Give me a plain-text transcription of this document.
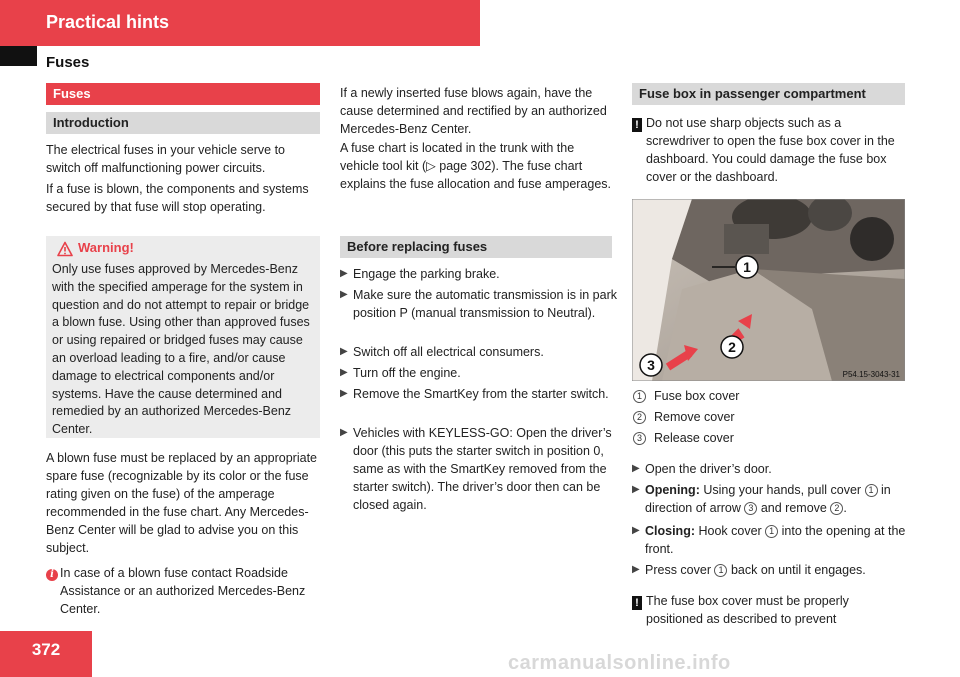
Practical hints
Fuses
Fuses
Introduction

The electrical fuses in your vehicle serve to switch off malfunctioning power circuits.

If a fuse is blown, the components and systems secured by that fuse will stop operating.

Warning!

Only use fuses approved by Mercedes-Benz with the specified amperage for the system in question and do not attempt to repair or bridge a blown fuse. Using other than approved fuses or using repaired or bridged fuses may cause an overload leading to a fire, and/or cause damage to electrical components and/or systems. Have the cause determined and remedied by an authorized Mercedes-Benz Center.

A blown fuse must be replaced by an appropriate spare fuse (recognizable by its color or the fuse rating given on the fuse) of the amperage recommended in the fuse chart. Any Mercedes-Benz Center will be glad to advise you on this subject.

i In case of a blown fuse contact Roadside Assistance or an authorized Mercedes-Benz Center.

If a newly inserted fuse blows again, have the cause determined and rectified by an authorized Mercedes-Benz Center.

A fuse chart is located in the trunk with the vehicle tool kit (▷ page 302). The fuse chart explains the fuse allocation and fuse amperages.

Before replacing fuses
▶ Engage the parking brake.
▶ Make sure the automatic transmission is in park position P (manual transmission to Neutral).
▶ Switch off all electrical consumers.
▶ Turn off the engine.
▶ Remove the SmartKey from the starter switch.
▶ Vehicles with KEYLESS-GO: Open the driver’s door (this puts the starter switch in position 0, same as with the SmartKey removed from the starter switch). The driver’s door then can be closed again.
Fuse box in passenger compartment
! Do not use sharp objects such as a screwdriver to open the fuse box cover in the dashboard. You could damage the fuse box cover or the dashboard.
1
2
3
P54.15-3043-31
1 Fuse box cover
2 Remove cover
3 Release cover
▶ Open the driver’s door.
▶ Opening: Using your hands, pull cover 1 in direction of arrow 3 and remove 2 .
▶ Closing: Hook cover 1 into the opening at the front.
▶ Press cover 1 back on until it engages.
! The fuse box cover must be properly positioned as described to prevent
372
carmanualsonline.info
